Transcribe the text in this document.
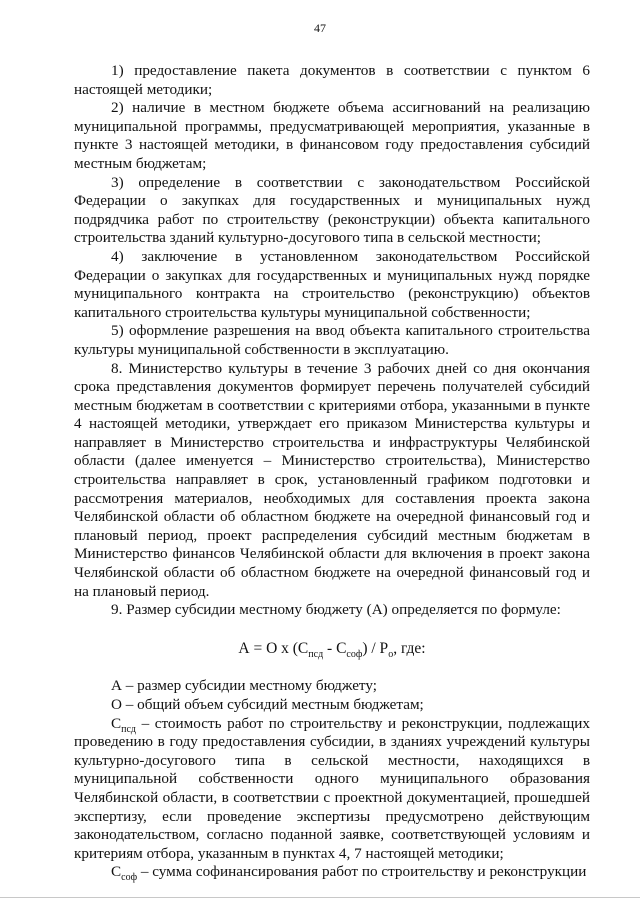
47

1) предоставление пакета документов в соответствии с пунктом 6 настоящей методики;

2) наличие в местном бюджете объема ассигнований на реализацию муниципальной программы, предусматривающей мероприятия, указанные в пункте 3 настоящей методики, в финансовом году предоставления субсидий местным бюджетам;

3) определение в соответствии с законодательством Российской Федерации о закупках для государственных и муниципальных нужд подрядчика работ по строительству (реконструкции) объекта капитального строительства зданий культурно-досугового типа в сельской местности;

4) заключение в установленном законодательством Российской Федерации о закупках для государственных и муниципальных нужд порядке муниципального контракта на строительство (реконструкцию) объектов капитального строительства культуры муниципальной собственности;

5) оформление разрешения на ввод объекта капитального строительства культуры муниципальной собственности в эксплуатацию.

8. Министерство культуры в течение 3 рабочих дней со дня окончания срока представления документов формирует перечень получателей субсидий местным бюджетам в соответствии с критериями отбора, указанными в пункте 4 настоящей методики, утверждает его приказом Министерства культуры и направляет в Министерство строительства и инфраструктуры Челябинской области (далее именуется – Министерство строительства), Министерство строительства направляет в срок, установленный графиком подготовки и рассмотрения материалов, необходимых для составления проекта закона Челябинской области об областном бюджете на очередной финансовый год и плановый период, проект распределения субсидий местным бюджетам в Министерство финансов Челябинской области для включения в проект закона Челябинской области об областном бюджете на очередной финансовый год и на плановый период.

9. Размер субсидии местному бюджету (А) определяется по формуле:

А = О х $(С_{псд} - С_{соф}) / Р_о$, где:

А – размер субсидии местному бюджету;

О – общий объем субсидий местным бюджетам;

$С_{псд}$ – стоимость работ по строительству и реконструкции, подлежащих проведению в году предоставления субсидии, в зданиях учреждений культуры культурно-досугового типа в сельской местности, находящихся в муниципальной собственности одного муниципального образования Челябинской области, в соответствии с проектной документацией, прошедшей экспертизу, если проведение экспертизы предусмотрено действующим законодательством, согласно поданной заявке, соответствующей условиям и критериям отбора, указанным в пунктах 4, 7 настоящей методики;

$С_{соф}$ – сумма софинансирования работ по строительству и реконструкции
